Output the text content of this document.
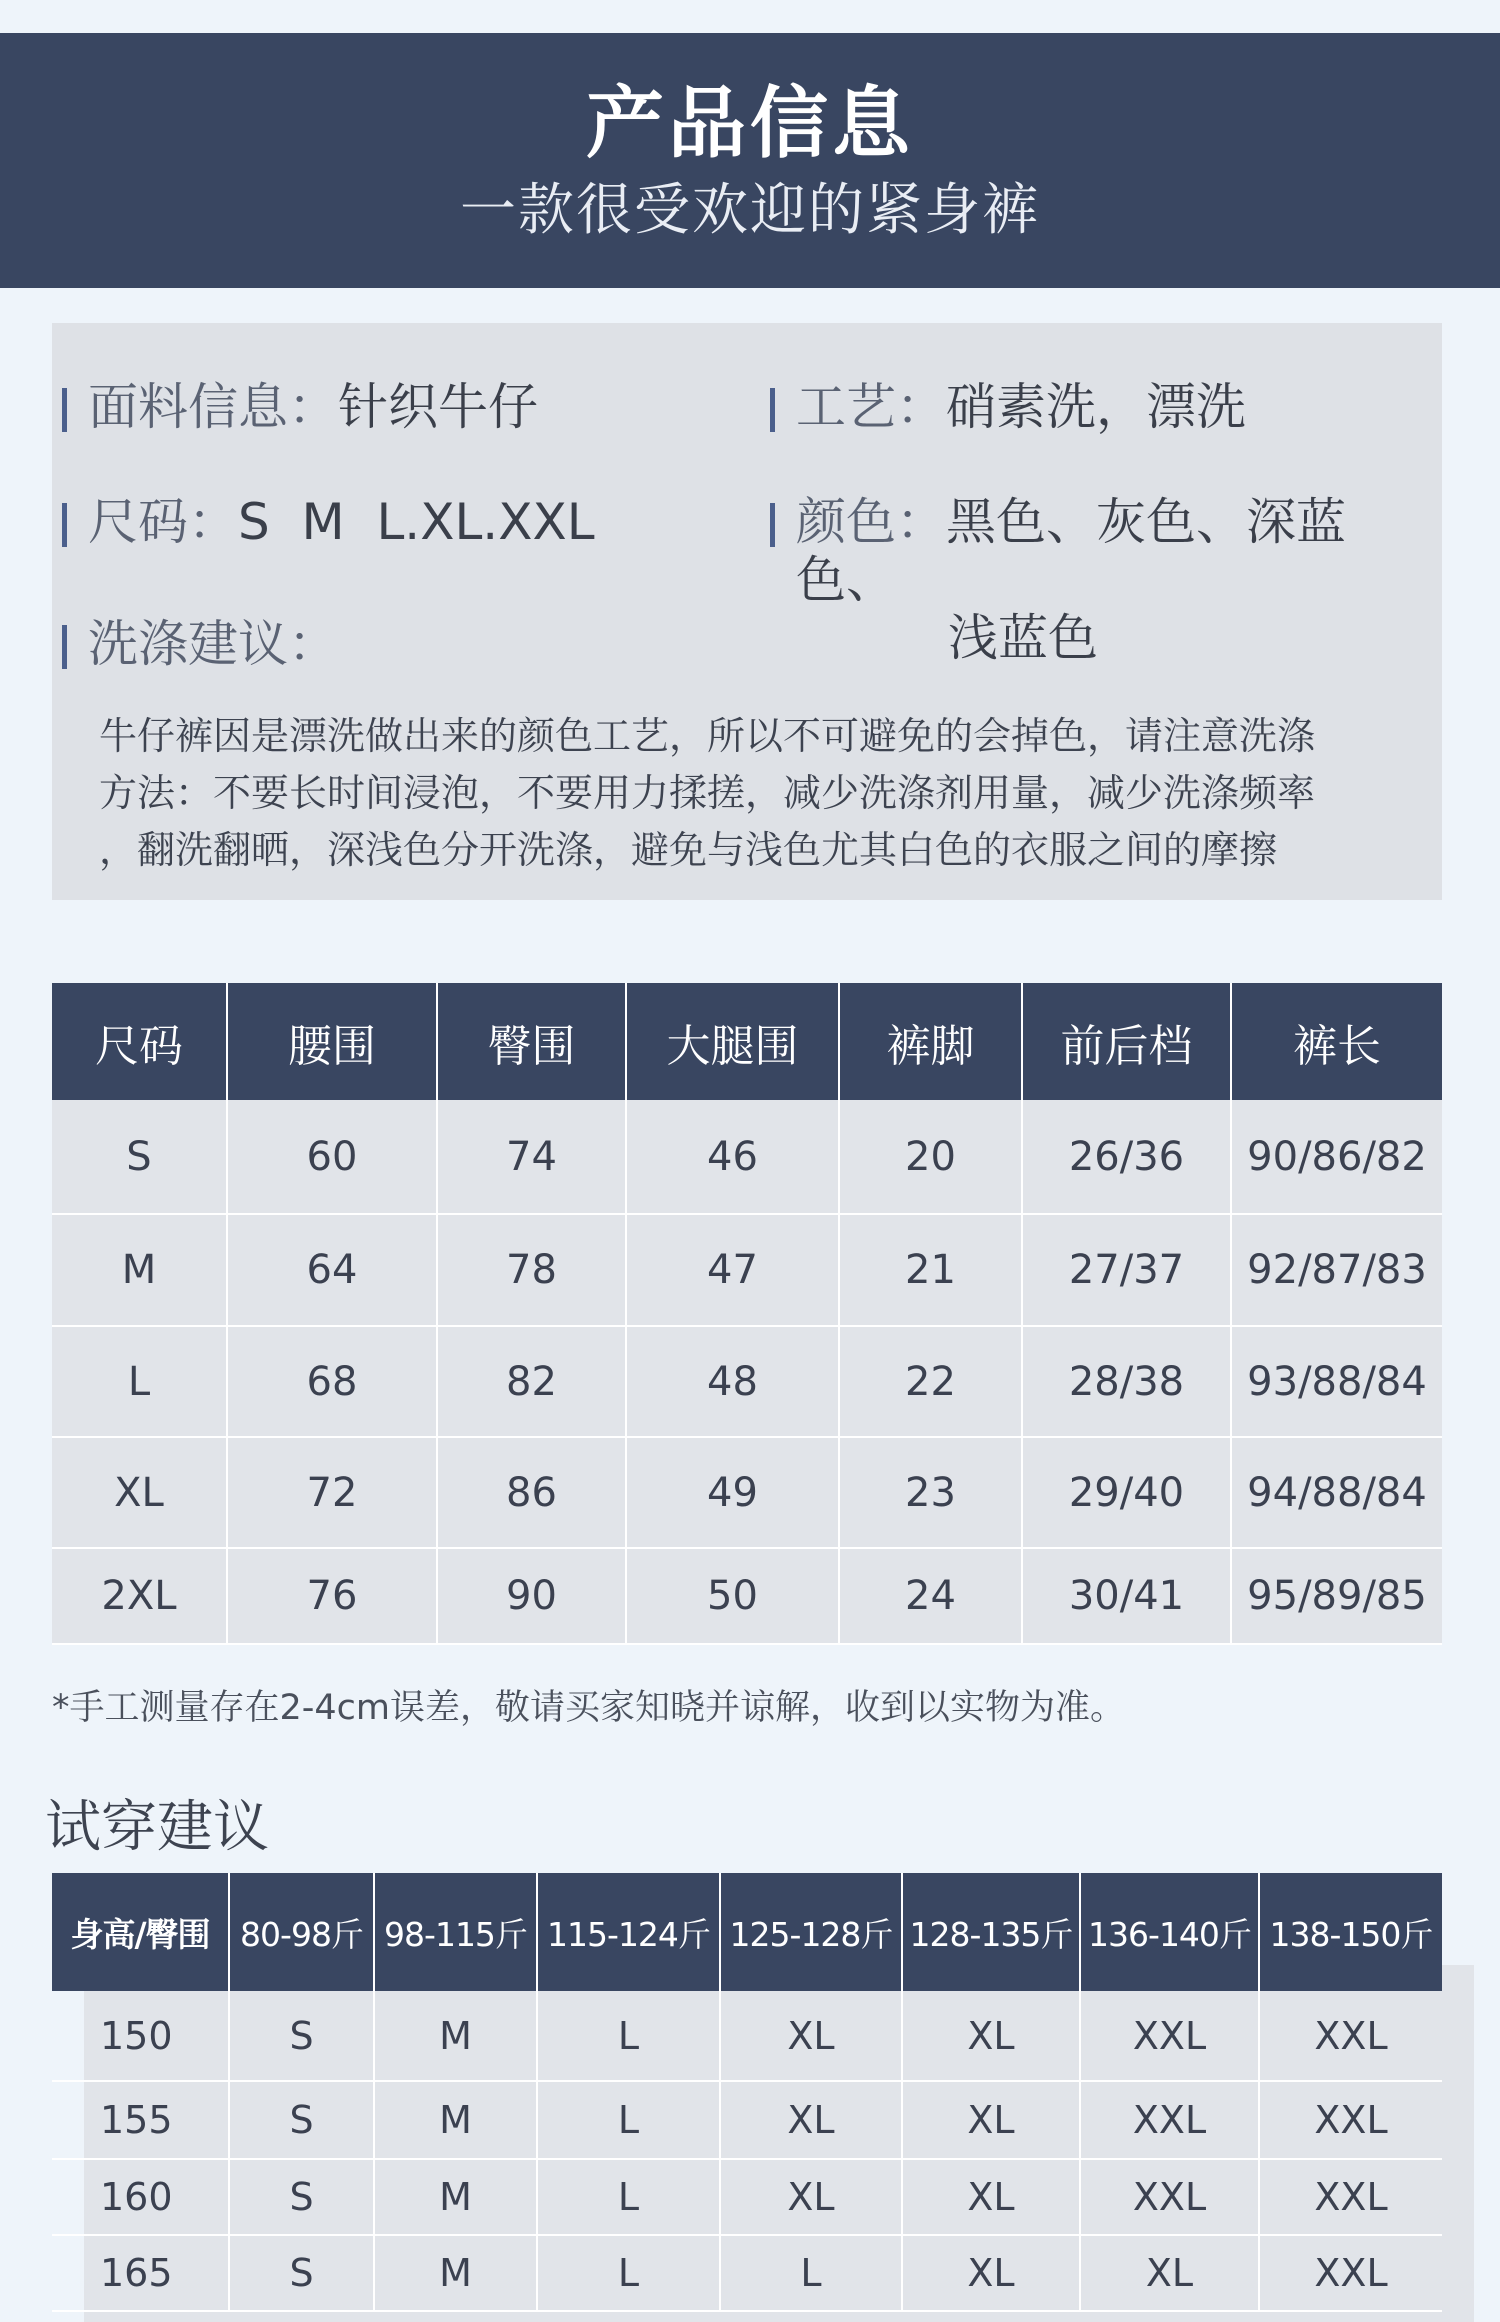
产品信息
一款很受欢迎的紧身裤
面料信息：针织牛仔	工艺：硝素洗，漂洗
尺码：S  M  L.XL.XXL	颜色：黑色、灰色、深蓝色、
浅蓝色
洗涤建议：
牛仔裤因是漂洗做出来的颜色工艺，所以不可避免的会掉色，请注意洗涤
方法：不要长时间浸泡，不要用力揉搓，减少洗涤剂用量，减少洗涤频率
，翻洗翻晒，深浅色分开洗涤，避免与浅色尤其白色的衣服之间的摩擦
尺码	腰围	臀围	大腿围	裤脚	前后档	裤长
S	60	74	46	20	26/36	90/86/82
M	64	78	47	21	27/37	92/87/83
L	68	82	48	22	28/38	93/88/84
XL	72	86	49	23	29/40	94/88/84
2XL	76	90	50	24	30/41	95/89/85
*手工测量存在2-4cm误差，敬请买家知晓并谅解，收到以实物为准。
试穿建议
身高/臀围	80-98斤	98-115斤	115-124斤	125-128斤	128-135斤	136-140斤	138-150斤
150	S	M	L	XL	XL	XXL	XXL
155	S	M	L	XL	XL	XXL	XXL
160	S	M	L	XL	XL	XXL	XXL
165	S	M	L	L	XL	XL	XXL
